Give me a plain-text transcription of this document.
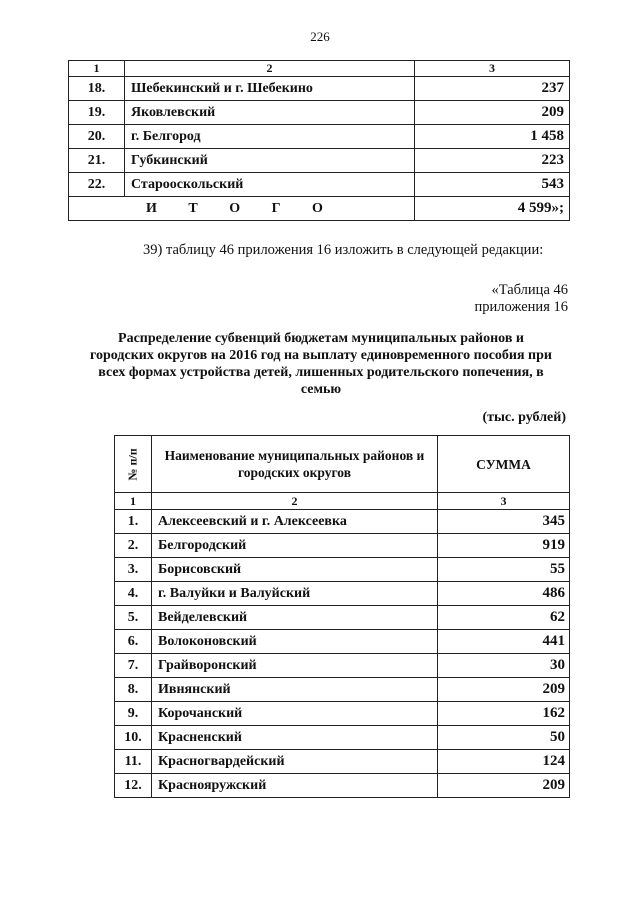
226
1	2	3
18.	Шебекинский и г. Шебекино	237
19.	Яковлевский	209
20.	г. Белгород	1 458
21.	Губкинский	223
22.	Старооскольский	543
И Т О Г О		4 599»;
39) таблицу 46 приложения 16 изложить в следующей редакции:
«Таблица 46
приложения 16
Распределение субвенций бюджетам муниципальных районов и городских округов на 2016 год на выплату единовременного пособия при всех формах устройства детей, лишенных родительского попечения, в семью
(тыс. рублей)
№ п/п	Наименование муниципальных районов и городских округов	СУММА
1	2	3
1.	Алексеевский и г. Алексеевка	345
2.	Белгородский	919
3.	Борисовский	55
4.	г. Валуйки и Валуйский	486
5.	Вейделевский	62
6.	Волоконовский	441
7.	Грайворонский	30
8.	Ивнянский	209
9.	Корочанский	162
10.	Красненский	50
11.	Красногвардейский	124
12.	Краснояружский	209
